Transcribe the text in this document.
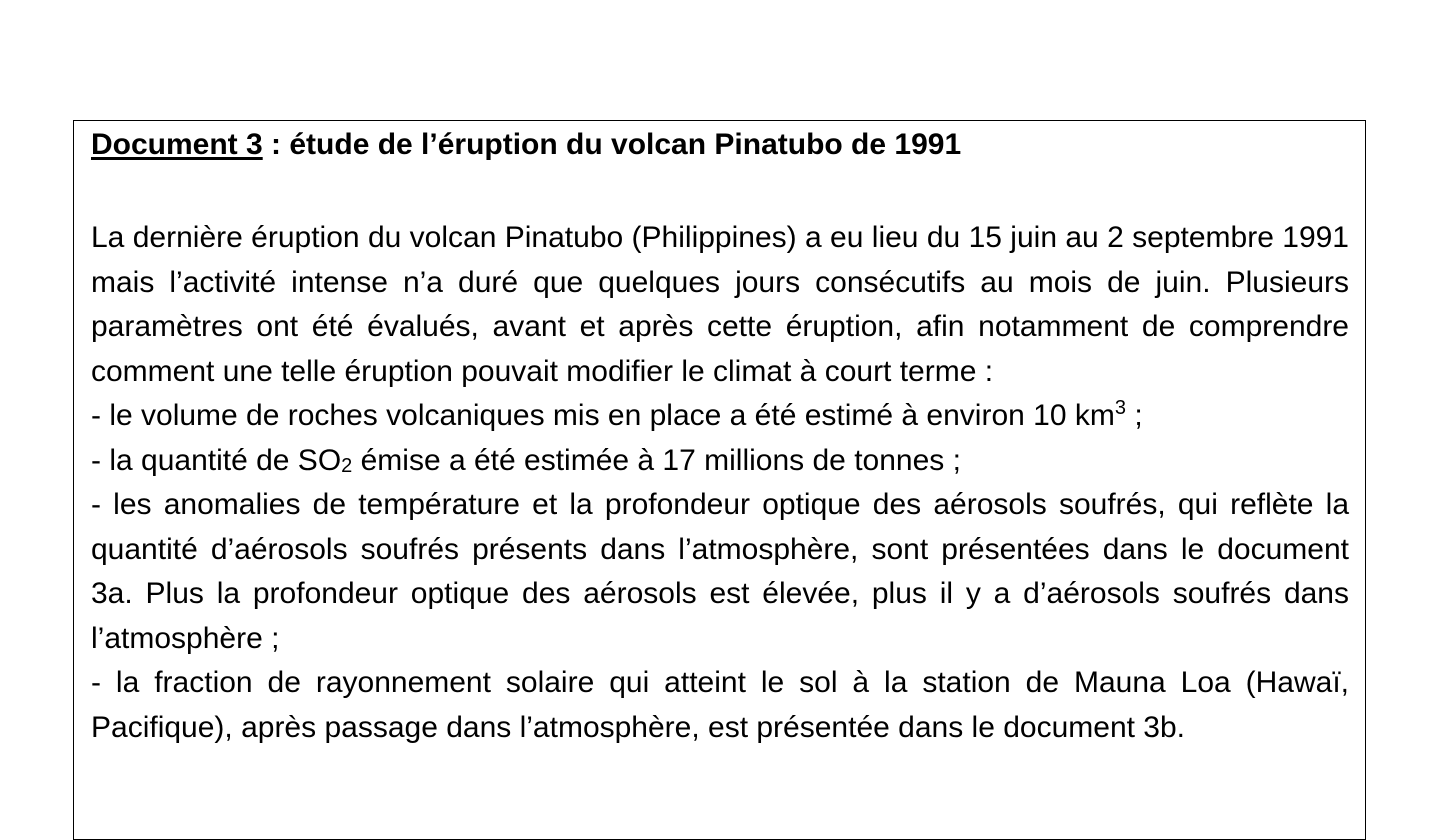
Document 3 : étude de l’éruption du volcan Pinatubo de 1991

La dernière éruption du volcan Pinatubo (Philippines) a eu lieu du 15 juin au 2 septembre 1991 mais l’activité intense n’a duré que quelques jours consécutifs au mois de juin. Plusieurs paramètres ont été évalués, avant et après cette éruption, afin notamment de comprendre comment une telle éruption pouvait modifier le climat à court terme :

- le volume de roches volcaniques mis en place a été estimé à environ 10 $km^3$ ;

- la quantité de $SO_2$ émise a été estimée à 17 millions de tonnes ;

- les anomalies de température et la profondeur optique des aérosols soufrés, qui reflète la quantité d’aérosols soufrés présents dans l’atmosphère, sont présentées dans le document 3a. Plus la profondeur optique des aérosols est élevée, plus il y a d’aérosols soufrés dans l’atmosphère ;

- la fraction de rayonnement solaire qui atteint le sol à la station de Mauna Loa (Hawaï, Pacifique), après passage dans l’atmosphère, est présentée dans le document 3b.
